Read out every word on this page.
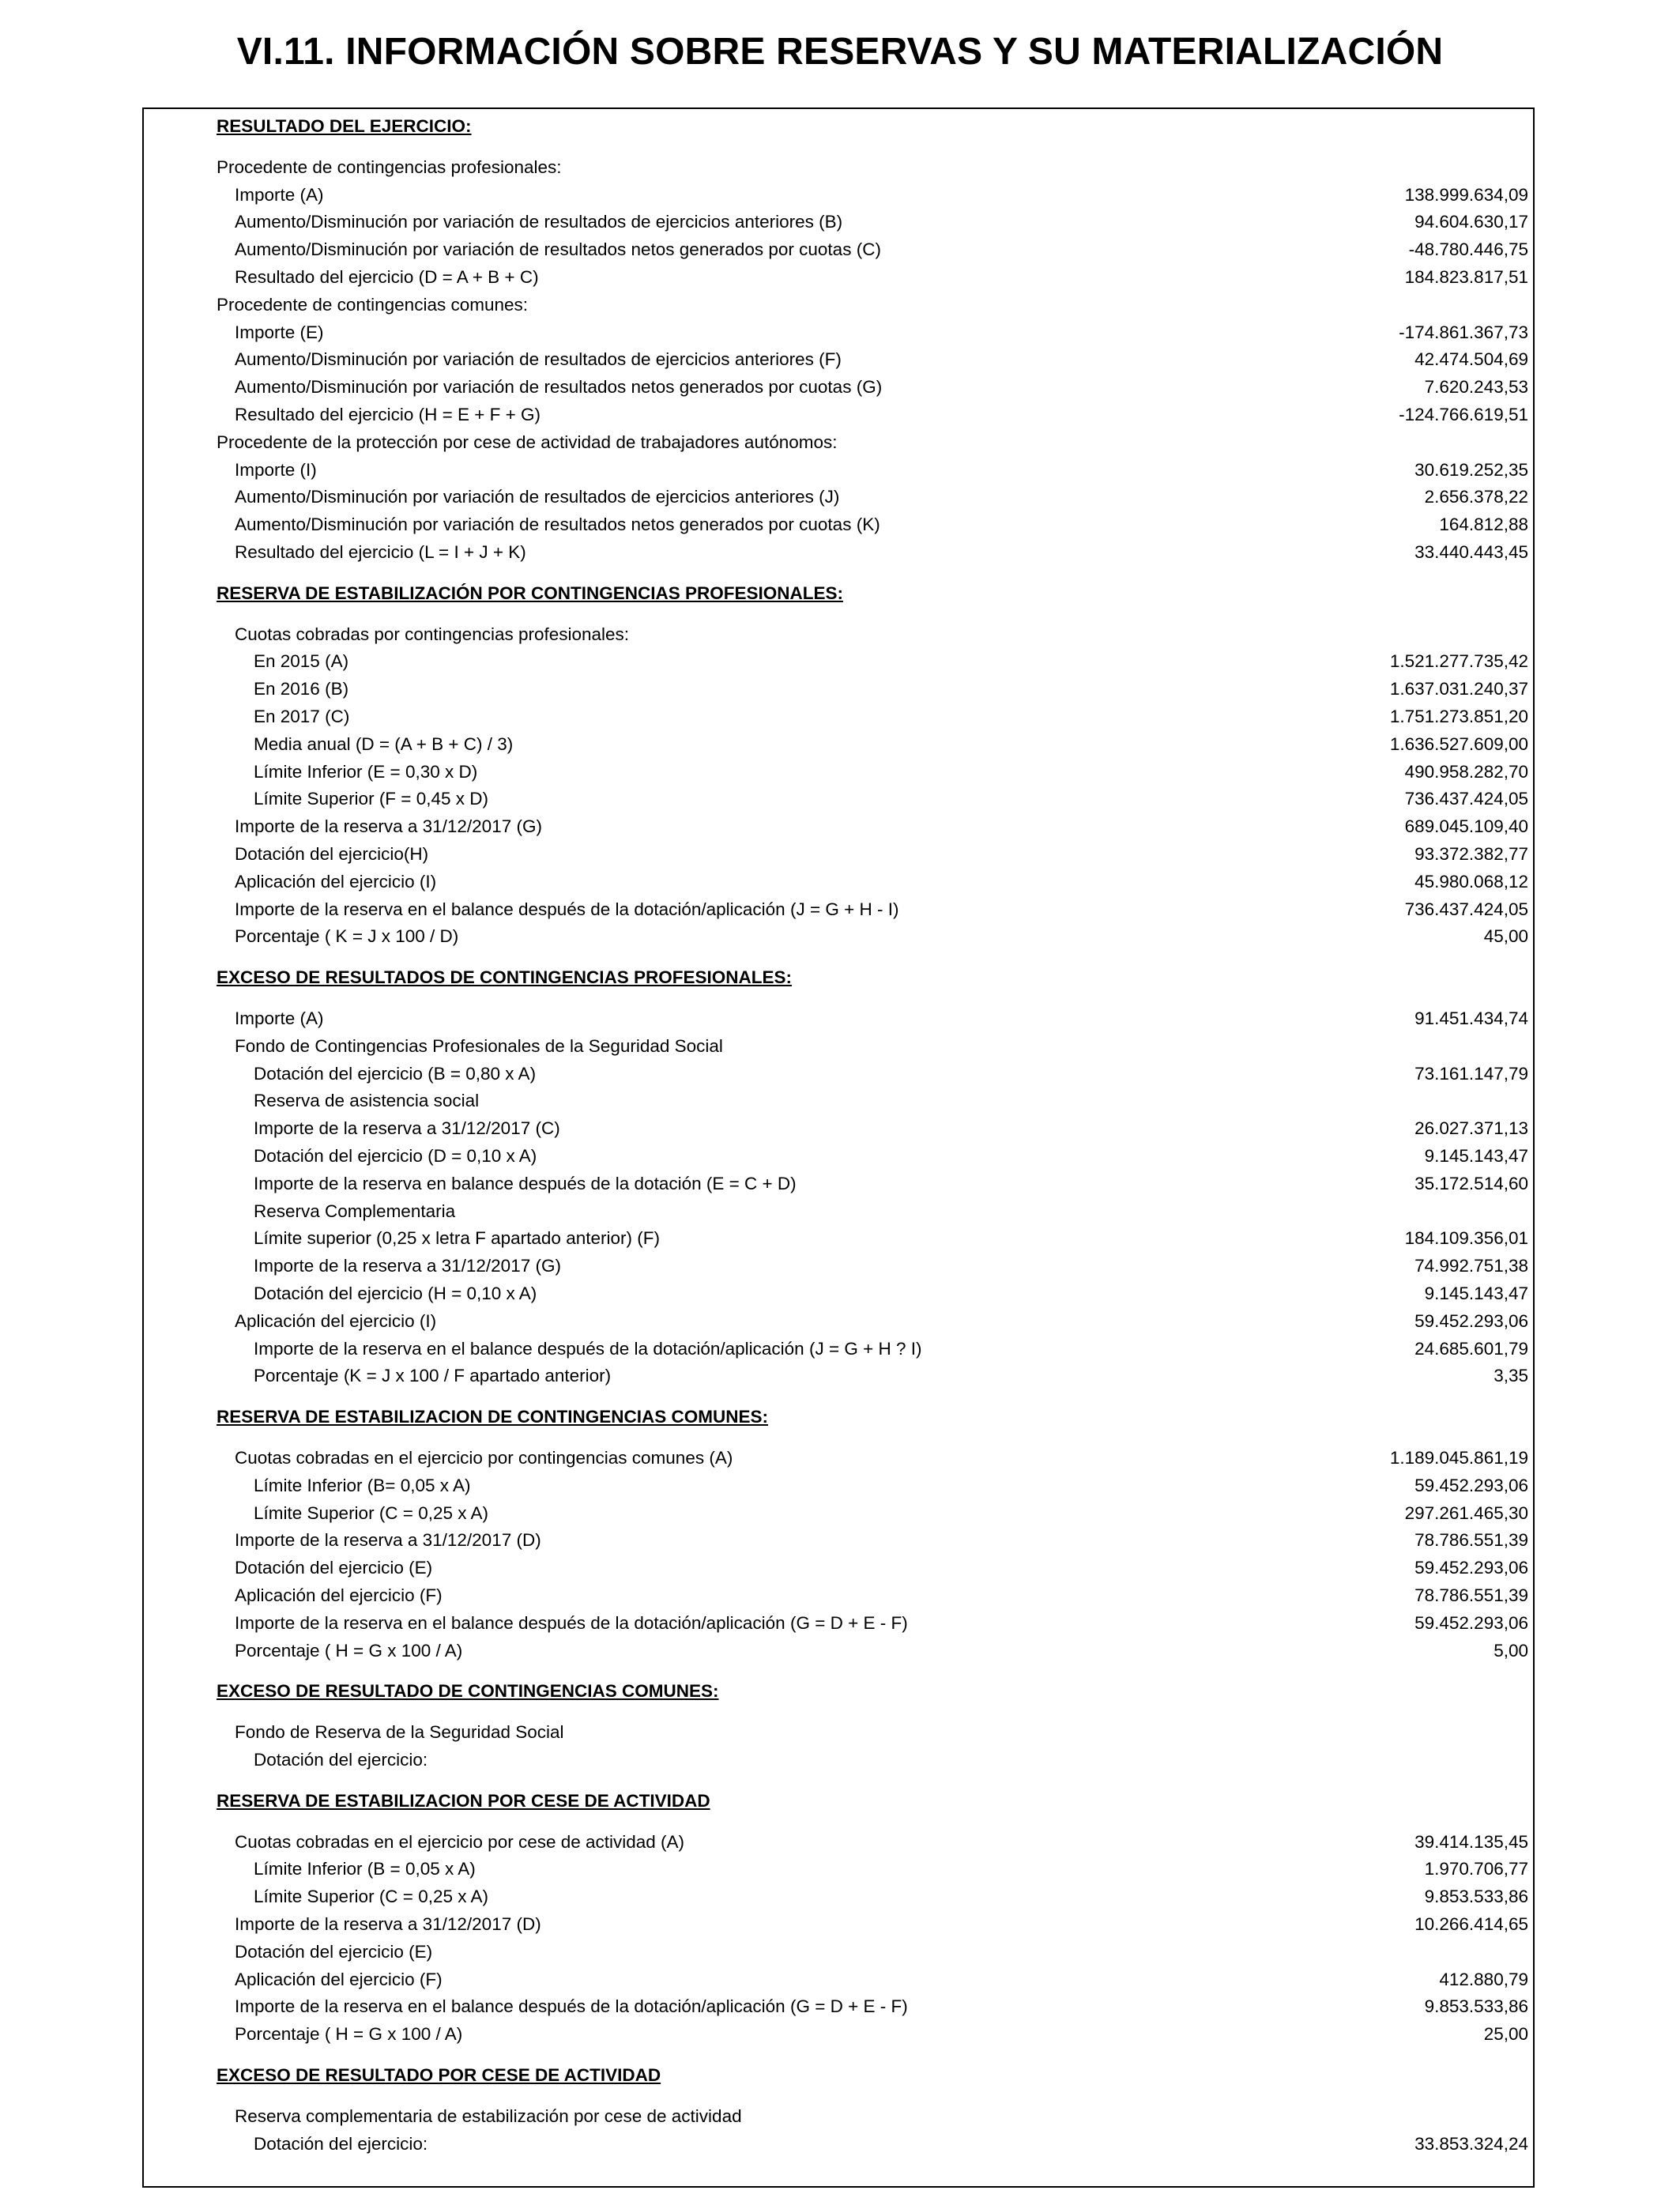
VI.11. INFORMACIÓN SOBRE RESERVAS Y SU MATERIALIZACIÓN
RESULTADO DEL EJERCICIO:
Procedente de contingencias profesionales:
Importe (A)	138.999.634,09
Aumento/Disminución por variación de resultados de ejercicios anteriores (B)	94.604.630,17
Aumento/Disminución por variación de resultados netos generados por cuotas (C)	-48.780.446,75
Resultado del ejercicio (D = A + B + C)	184.823.817,51
Procedente de contingencias comunes:
Importe (E)	-174.861.367,73
Aumento/Disminución por variación de resultados de ejercicios anteriores (F)	42.474.504,69
Aumento/Disminución por variación de resultados netos generados por cuotas (G)	7.620.243,53
Resultado del ejercicio (H = E + F + G)	-124.766.619,51
Procedente de la protección por cese de actividad de trabajadores autónomos:
Importe (I)	30.619.252,35
Aumento/Disminución por variación de resultados de ejercicios anteriores (J)	2.656.378,22
Aumento/Disminución por variación de resultados netos generados por cuotas (K)	164.812,88
Resultado del ejercicio (L = I + J + K)	33.440.443,45
RESERVA DE ESTABILIZACIÓN POR CONTINGENCIAS PROFESIONALES:
Cuotas cobradas por contingencias profesionales:
En 2015 (A)	1.521.277.735,42
En 2016 (B)	1.637.031.240,37
En 2017 (C)	1.751.273.851,20
Media anual (D = (A + B + C) / 3)	1.636.527.609,00
Límite Inferior (E = 0,30 x D)	490.958.282,70
Límite Superior (F = 0,45 x D)	736.437.424,05
Importe de la reserva a 31/12/2017 (G)	689.045.109,40
Dotación del ejercicio(H)	93.372.382,77
Aplicación del ejercicio (I)	45.980.068,12
Importe de la reserva en el balance después de la dotación/aplicación (J = G + H - I)	736.437.424,05
Porcentaje ( K = J x 100 / D)	45,00
EXCESO DE RESULTADOS DE CONTINGENCIAS PROFESIONALES:
Importe (A)	91.451.434,74
Fondo de Contingencias Profesionales de la Seguridad Social
Dotación del ejercicio (B = 0,80 x A)	73.161.147,79
Reserva de asistencia social
Importe de la reserva a 31/12/2017 (C)	26.027.371,13
Dotación del ejercicio (D = 0,10 x A)	9.145.143,47
Importe de la reserva en balance después de la dotación (E = C + D)	35.172.514,60
Reserva Complementaria
Límite superior (0,25 x letra F apartado anterior) (F)	184.109.356,01
Importe de la reserva a 31/12/2017 (G)	74.992.751,38
Dotación del ejercicio (H = 0,10 x A)	9.145.143,47
Aplicación del ejercicio (I)	59.452.293,06
Importe de la reserva en el balance después de la dotación/aplicación (J = G + H ? I)	24.685.601,79
Porcentaje (K = J x 100 / F apartado anterior)	3,35
RESERVA DE ESTABILIZACION DE CONTINGENCIAS COMUNES:
Cuotas cobradas en el ejercicio por contingencias comunes (A)	1.189.045.861,19
Límite Inferior (B= 0,05 x A)	59.452.293,06
Límite Superior (C = 0,25 x A)	297.261.465,30
Importe de la reserva a 31/12/2017 (D)	78.786.551,39
Dotación del ejercicio (E)	59.452.293,06
Aplicación del ejercicio (F)	78.786.551,39
Importe de la reserva en el balance después de la dotación/aplicación (G = D + E - F)	59.452.293,06
Porcentaje ( H = G x 100 / A)	5,00
EXCESO DE RESULTADO DE CONTINGENCIAS COMUNES:
Fondo de Reserva de la Seguridad Social
Dotación del ejercicio:
RESERVA DE ESTABILIZACION POR CESE DE ACTIVIDAD
Cuotas cobradas en el ejercicio por cese de actividad (A)	39.414.135,45
Límite Inferior (B = 0,05 x A)	1.970.706,77
Límite Superior (C = 0,25 x A)	9.853.533,86
Importe de la reserva a 31/12/2017 (D)	10.266.414,65
Dotación del ejercicio (E)
Aplicación del ejercicio (F)	412.880,79
Importe de la reserva en el balance después de la dotación/aplicación (G = D + E - F)	9.853.533,86
Porcentaje ( H = G x 100 / A)	25,00
EXCESO DE RESULTADO POR CESE DE ACTIVIDAD
Reserva complementaria de estabilización por cese de actividad
Dotación del ejercicio:	33.853.324,24
